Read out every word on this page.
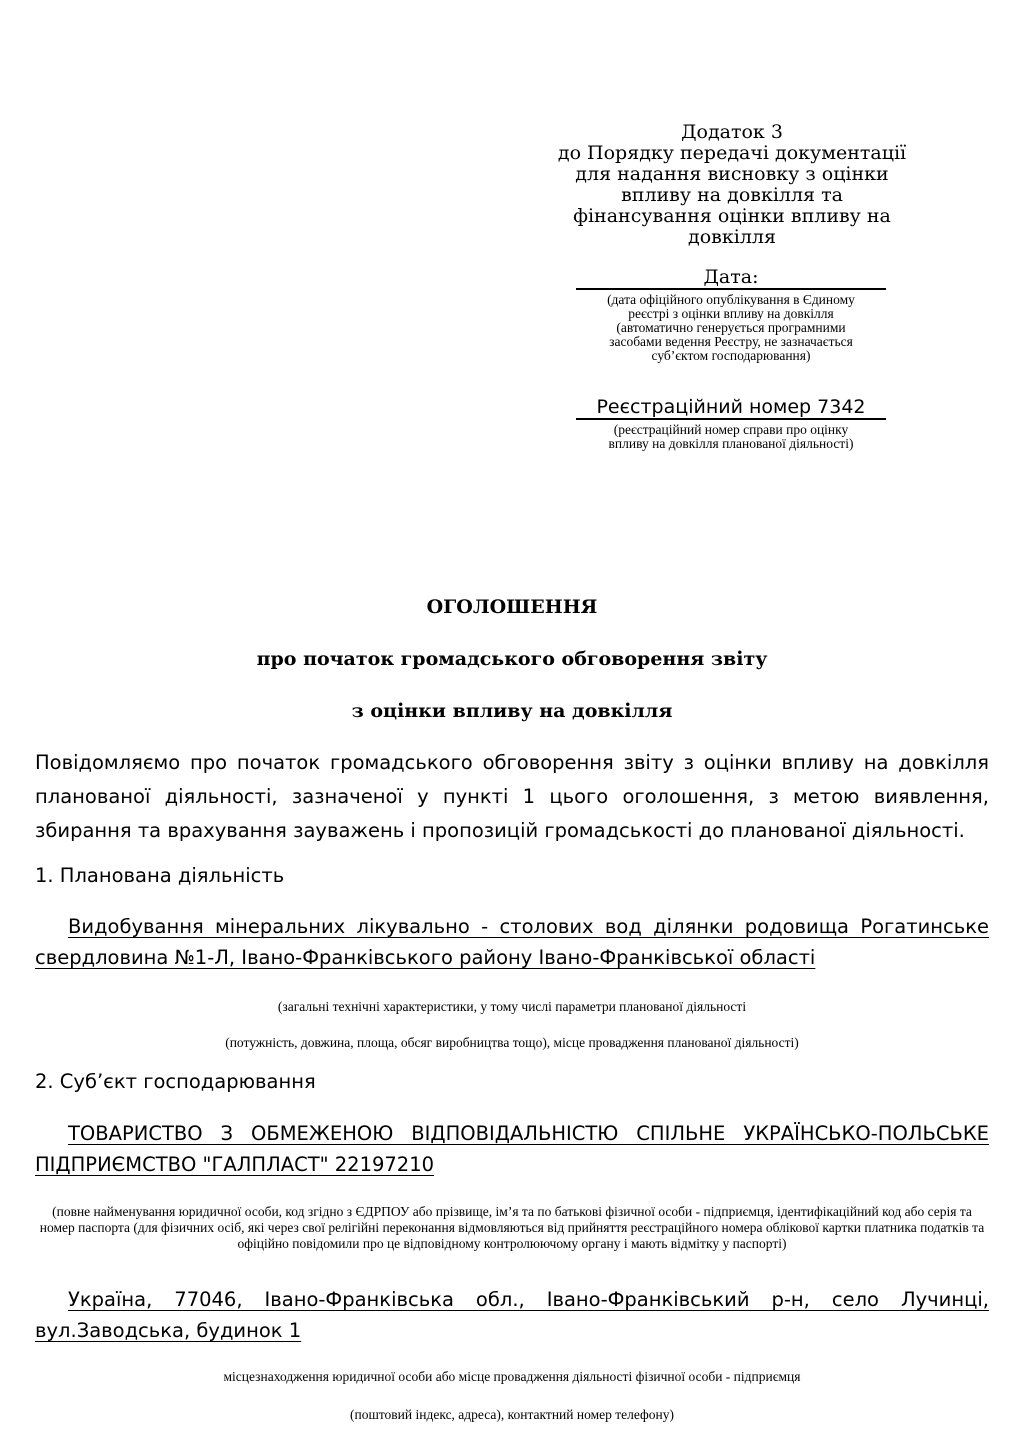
Додаток 3
до Порядку передачі документації
для надання висновку з оцінки
впливу на довкілля та
фінансування оцінки впливу на
довкілля
Дата:
(дата офіційного опублікування в Єдиному
реєстрі з оцінки впливу на довкілля
(автоматично генерується програмними
засобами ведення Реєстру, не зазначається
суб’єктом господарювання)
Реєстраційний номер 7342
(реєстраційний номер справи про оцінку
впливу на довкілля планованої діяльності)
ОГОЛОШЕННЯ
про початок громадського обговорення звіту
з оцінки впливу на довкілля
Повідомляємо про початок громадського обговорення звіту з оцінки впливу на довкілля планованої діяльності, зазначеної у пункті 1 цього оголошення, з метою виявлення, збирання та врахування зауважень і пропозицій громадськості до планованої діяльності.
1. Планована діяльність
Видобування мінеральних лікувально - столових вод ділянки родовища Рогатинське свердловина №1-Л, Івано-Франківського району Івано-Франківської області
(загальні технічні характеристики, у тому числі параметри планованої діяльності
(потужність, довжина, площа, обсяг виробництва тощо), місце провадження планованої діяльності)
2. Суб’єкт господарювання
ТОВАРИСТВО З ОБМЕЖЕНОЮ ВІДПОВІДАЛЬНІСТЮ СПІЛЬНЕ УКРАЇНСЬКО-ПОЛЬСЬКЕ ПІДПРИЄМСТВО "ГАЛПЛАСТ" 22197210
(повне найменування юридичної особи, код згідно з ЄДРПОУ або прізвище, ім’я та по батькові фізичної особи - підприємця, ідентифікаційний код або серія та номер паспорта (для фізичних осіб, які через свої релігійні переконання відмовляються від прийняття реєстраційного номера облікової картки платника податків та офіційно повідомили про це відповідному контролюючому органу і мають відмітку у паспорті)
Україна, 77046, Івано-Франківська обл., Івано-Франківський р-н, село Лучинці, вул.Заводська, будинок 1
місцезнаходження юридичної особи або місце провадження діяльності фізичної особи - підприємця
(поштовий індекс, адреса), контактний номер телефону)
